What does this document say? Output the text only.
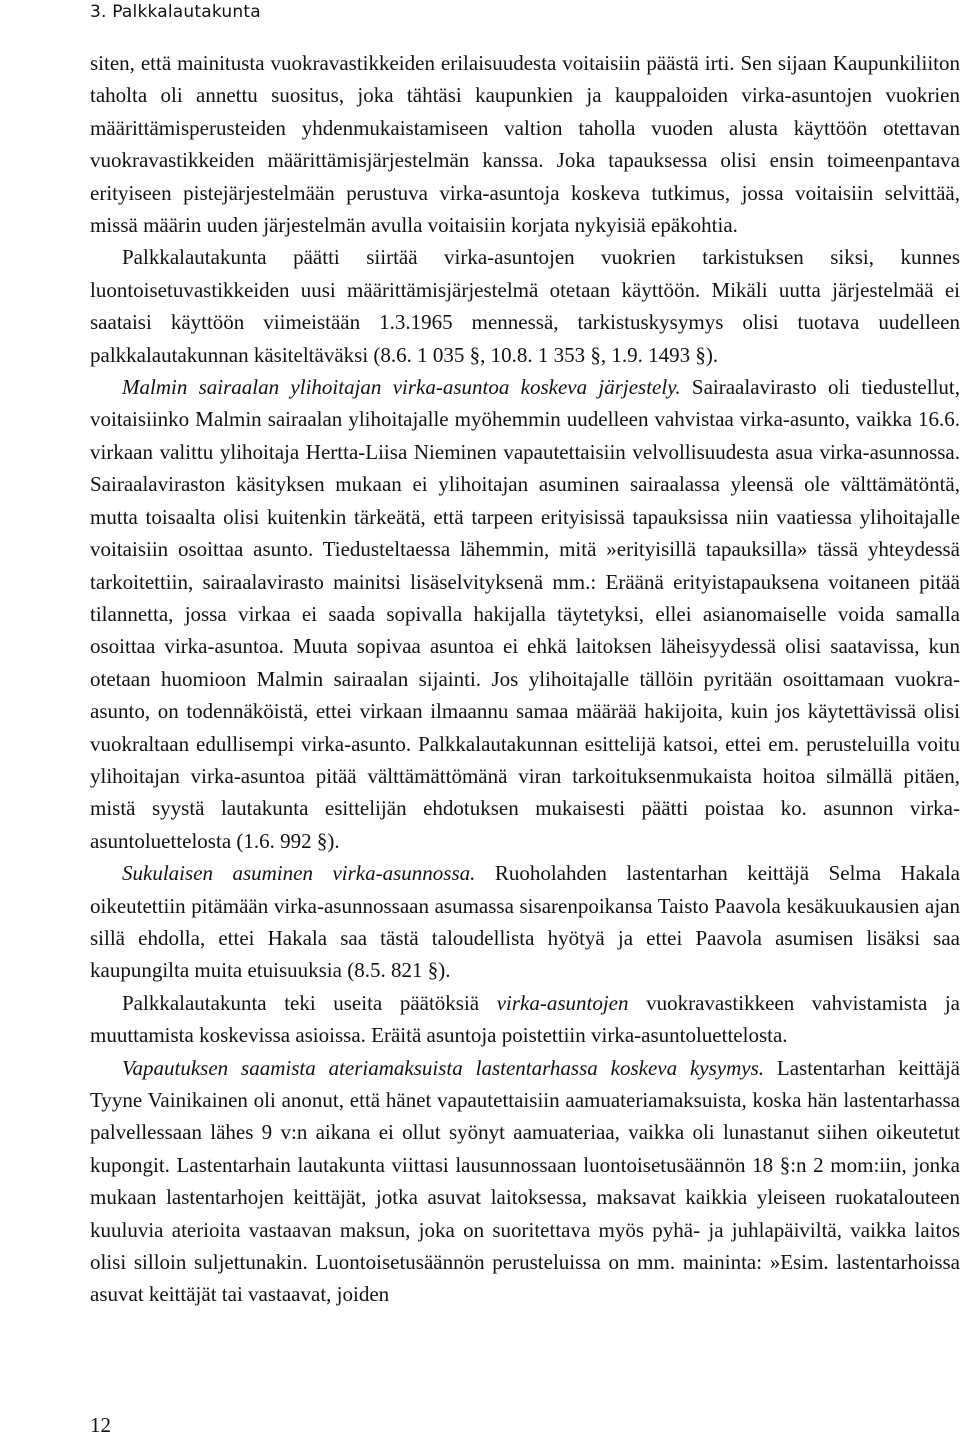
3. Palkkalautakunta

siten, että mainitusta vuokravastikkeiden erilaisuudesta voitaisiin päästä irti. Sen sijaan Kaupunkiliiton taholta oli annettu suositus, joka tähtäsi kaupunkien ja kauppaloiden virka-asuntojen vuokrien määrittämisperusteiden yhdenmukaistamiseen valtion taholla vuoden alusta käyttöön otettavan vuokravastikkeiden määrittämisjärjestelmän kanssa. Joka tapauksessa olisi ensin toimeenpantava erityiseen pistejärjestelmään perustuva virka-asuntoja koskeva tutkimus, jossa voitaisiin selvittää, missä määrin uuden järjestelmän avulla voitaisiin korjata nykyisiä epäkohtia.

Palkkalautakunta päätti siirtää virka-asuntojen vuokrien tarkistuksen siksi, kunnes luontoisetuvastikkeiden uusi määrittämisjärjestelmä otetaan käyttöön. Mikäli uutta järjestelmää ei saataisi käyttöön viimeistään 1.3.1965 mennessä, tarkistuskysymys olisi tuotava uudelleen palkkalautakunnan käsiteltäväksi (8.6. 1 035 §, 10.8. 1 353 §, 1.9. 1493 §).

Malmin sairaalan ylihoitajan virka-asuntoa koskeva järjestely. Sairaalavirasto oli tiedustellut, voitaisiinko Malmin sairaalan ylihoitajalle myöhemmin uudelleen vahvistaa virka-asunto, vaikka 16.6. virkaan valittu ylihoitaja Hertta-Liisa Nieminen vapautettaisiin velvollisuudesta asua virka-asunnossa. Sairaalaviraston käsityksen mukaan ei ylihoitajan asuminen sairaalassa yleensä ole välttämätöntä, mutta toisaalta olisi kuitenkin tärkeätä, että tarpeen erityisissä tapauksissa niin vaatiessa ylihoitajalle voitaisiin osoittaa asunto. Tiedusteltaessa lähemmin, mitä »erityisillä tapauksilla» tässä yhteydessä tarkoitettiin, sairaalavirasto mainitsi lisäselvityksenä mm.: Eräänä erityistapauksena voitaneen pitää tilannetta, jossa virkaa ei saada sopivalla hakijalla täytetyksi, ellei asianomaiselle voida samalla osoittaa virka-asuntoa. Muuta sopivaa asuntoa ei ehkä laitoksen läheisyydessä olisi saatavissa, kun otetaan huomioon Malmin sairaalan sijainti. Jos ylihoitajalle tällöin pyritään osoittamaan vuokra-asunto, on todennäköistä, ettei virkaan ilmaannu samaa määrää hakijoita, kuin jos käytettävissä olisi vuokraltaan edullisempi virka-asunto. Palkkalautakunnan esittelijä katsoi, ettei em. perusteluilla voitu ylihoitajan virka-asuntoa pitää välttämättömänä viran tarkoituksenmukaista hoitoa silmällä pitäen, mistä syystä lautakunta esittelijän ehdotuksen mukaisesti päätti poistaa ko. asunnon virka-asuntoluettelosta (1.6. 992 §).

Sukulaisen asuminen virka-asunnossa. Ruoholahden lastentarhan keittäjä Selma Hakala oikeutettiin pitämään virka-asunnossaan asumassa sisarenpoikansa Taisto Paavola kesäkuukausien ajan sillä ehdolla, ettei Hakala saa tästä taloudellista hyötyä ja ettei Paavola asumisen lisäksi saa kaupungilta muita etuisuuksia (8.5. 821 §).

Palkkalautakunta teki useita päätöksiä virka-asuntojen vuokravastikkeen vahvistamista ja muuttamista koskevissa asioissa. Eräitä asuntoja poistettiin virka-asuntoluettelosta.

Vapautuksen saamista ateriamaksuista lastentarhassa koskeva kysymys. Lastentarhan keittäjä Tyyne Vainikainen oli anonut, että hänet vapautettaisiin aamuateriamaksuista, koska hän lastentarhassa palvellessaan lähes 9 v:n aikana ei ollut syönyt aamuateriaa, vaikka oli lunastanut siihen oikeutetut kupongit. Lastentarhain lautakunta viittasi lausunnossaan luontoisetusäännön 18 §:n 2 mom:iin, jonka mukaan lastentarhojen keittäjät, jotka asuvat laitoksessa, maksavat kaikkia yleiseen ruokatalouteen kuuluvia aterioita vastaavan maksun, joka on suoritettava myös pyhä- ja juhlapäiviltä, vaikka laitos olisi silloin suljettunakin. Luontoisetusäännön perusteluissa on mm. maininta: »Esim. lastentarhoissa asuvat keittäjät tai vastaavat, joiden

12
